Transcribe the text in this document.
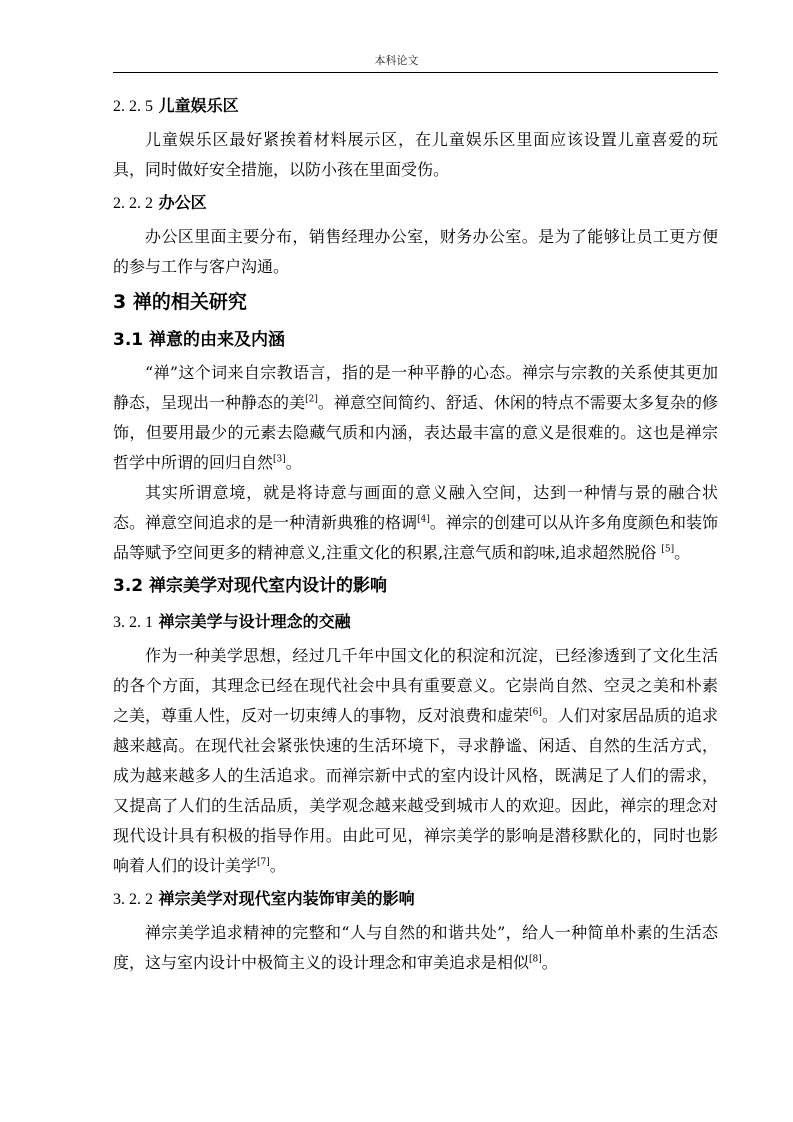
本科论文
2. 2. 5 儿童娱乐区
儿童娱乐区最好紧挨着材料展示区，在儿童娱乐区里面应该设置儿童喜爱的玩具，同时做好安全措施，以防小孩在里面受伤。
2. 2. 2 办公区
办公区里面主要分布，销售经理办公室，财务办公室。是为了能够让员工更方便的参与工作与客户沟通。
3 禅的相关研究
3.1 禅意的由来及内涵
“禅”这个词来自宗教语言，指的是一种平静的心态。禅宗与宗教的关系使其更加静态，呈现出一种静态的美[2]。禅意空间简约、舒适、休闲的特点不需要太多复杂的修饰，但要用最少的元素去隐藏气质和内涵，表达最丰富的意义是很难的。这也是禅宗哲学中所谓的回归自然[3]。
其实所谓意境，就是将诗意与画面的意义融入空间，达到一种情与景的融合状态。禅意空间追求的是一种清新典雅的格调[4]。禅宗的创建可以从许多角度颜色和装饰品等赋予空间更多的精神意义,注重文化的积累,注意气质和韵味,追求超然脱俗 [5]。
3.2 禅宗美学对现代室内设计的影响
3. 2. 1 禅宗美学与设计理念的交融
作为一种美学思想，经过几千年中国文化的积淀和沉淀，已经渗透到了文化生活的各个方面，其理念已经在现代社会中具有重要意义。它崇尚自然、空灵之美和朴素之美，尊重人性，反对一切束缚人的事物，反对浪费和虚荣[6]。人们对家居品质的追求越来越高。在现代社会紧张快速的生活环境下，寻求静谧、闲适、自然的生活方式，成为越来越多人的生活追求。而禅宗新中式的室内设计风格，既满足了人们的需求，又提高了人们的生活品质，美学观念越来越受到城市人的欢迎。因此，禅宗的理念对现代设计具有积极的指导作用。由此可见，禅宗美学的影响是潜移默化的，同时也影响着人们的设计美学[7]。
3. 2. 2 禅宗美学对现代室内装饰审美的影响
禅宗美学追求精神的完整和“人与自然的和谐共处”，给人一种简单朴素的生活态度，这与室内设计中极简主义的设计理念和审美追求是相似[8]。
